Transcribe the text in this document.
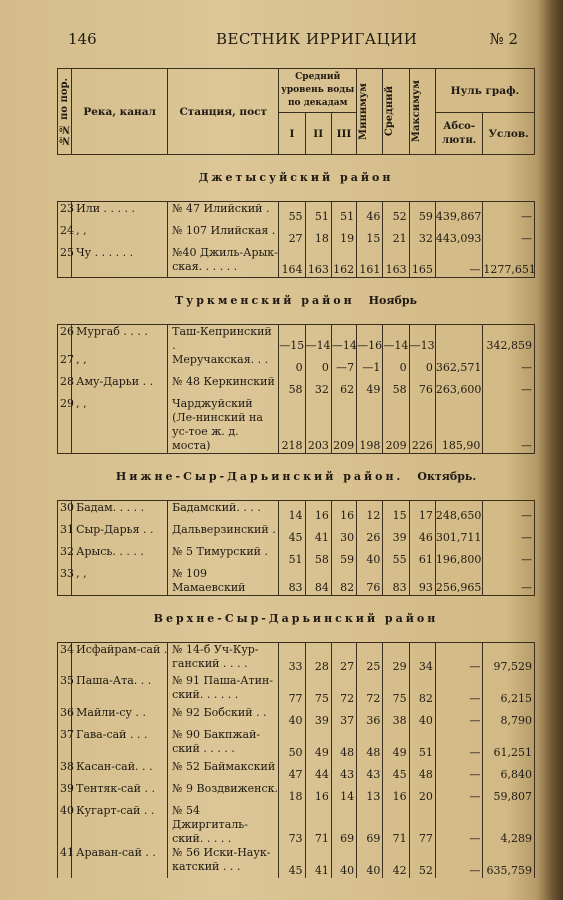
146	ВЕСТНИК ИРРИГАЦИИ	№ 2
№№ по пор.	Река, канал	Станция, пост	Средний уровень воды по декадам			Минимум	Средний	Максимум	Нуль граф.	
			I	II	III				Абсо-лютн.	Услов.
Джетысуйский район										
23	Или . . . . .	№ 47 Илийский .	55	51	51	46	52	59	439,867	—
24	, ,	№ 107 Илийская .	27	18	19	15	21	32	443,093	—
25	Чу . . . . . .	№40 Джиль-Арык-ская. . . . . .	164	163	162	161	163	165	—	1277,651
Туркменский район Ноябрь										
26	Мургаб . . . .	Таш-Кепринский .	—15	—14	—14	—16	—14	—13		342,859
27	, ,	Меручакская. . .	0	0	—7	—1	0	0	362,571	—
28	Аму-Дарьи . .	№ 48 Керкинский	58	32	62	49	58	76	263,600	—
29	, ,	Чарджуйский (Ле-нинский на ус-тое ж. д. моста)	218	203	209	198	209	226	185,90	—
Нижне-Сыр-Дарьинский район. Октябрь.										
30	Бадам. . . . .	Бадамский. . . .	14	16	16	12	15	17	248,650	—
31	Сыр-Дарья . .	Дальверзинский .	45	41	30	26	39	46	301,711	—
32	Арысь. . . . .	№ 5 Тимурский .	51	58	59	40	55	61	196,800	—
33	, ,	№ 109 Мамаевский	83	84	82	76	83	93	256,965	—
Верхне-Сыр-Дарьинский район										
34	Исфайрам-сай .	№ 14-б Уч-Кур-ганский . . . .	33	28	27	25	29	34	—	97,529
35	Паша-Ата. . .	№ 91 Паша-Атин-ский. . . . . .	77	75	72	72	75	82	—	6,215
36	Майли-су . .	№ 92 Бобский . .	40	39	37	36	38	40	—	8,790
37	Гава-сай . . .	№ 90 Бакпжай-ский . . . . .	50	49	48	48	49	51	—	61,251
38	Касан-сай. . .	№ 52 Баймакский	47	44	43	43	45	48	—	6,840
39	Тентяк-сай . .	№ 9 Воздвиженск.	18	16	14	13	16	20	—	59,807
40	Кугарт-сай . .	№ 54 Джиргиталь-ский. . . . .	73	71	69	69	71	77	—	4,289
41	Араван-сай . .	№ 56 Иски-Наук-катский . . .	45	41	40	40	42	52	—	635,759
